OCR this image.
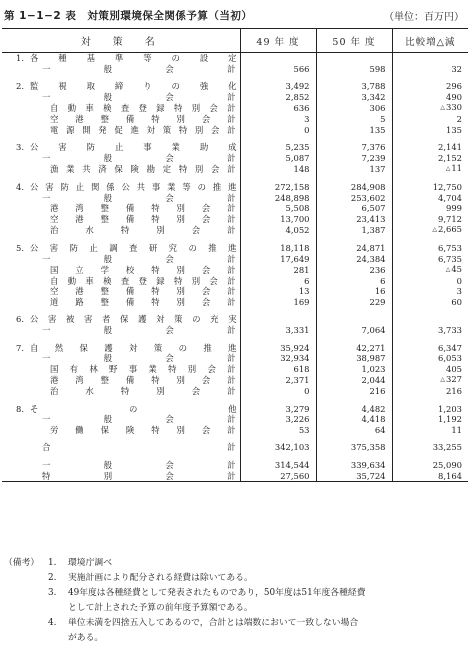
第 1−1−2 表　対策別環境保全関係予算（当初）	（単位：百万円）
対　策　名		49 年 度	50 年 度	比較増△減
1.	各種基準等の設定			
	一般会計	566	598	32

2.	監視取締りの強化	3,492	3,788	296
	一般会計	2,852	3,342	490
	自動車検査登録特別会計	636	306	△330
	空港整備特別会計	3	5	2
	電源開発促進対策特別会計	0	135	135

3.	公害防止事業助成	5,235	7,376	2,141
	一般会計	5,087	7,239	2,152
	漁業共済保険勘定特別会計	148	137	△11

4.	公害防止関係公共事業等の推進	272,158	284,908	12,750
	一般会計	248,898	253,602	4,704
	港湾整備特別会計	5,508	6,507	999
	空港整備特別会計	13,700	23,413	9,712
	治水特別会計	4,052	1,387	△2,665

5.	公害防止調査研究の推進	18,118	24,871	6,753
	一般会計	17,649	24,384	6,735
	国立学校特別会計	281	236	△45
	自動車検査登録特別会計	6	6	0
	空港整備特別会計	13	16	3
	道路整備特別会計	169	229	60

6.	公害被害者保護対策の充実			
	一般会計	3,331	7,064	3,733

7.	自然保護対策の推進	35,924	42,271	6,347
	一般会計	32,934	38,987	6,053
	国有林野事業特別会計	618	1,023	405
	港湾整備特別会計	2,371	2,044	△327
	治水特別会計	0	216	216

8.	その他	3,279	4,482	1,203
	一般会計	3,226	4,418	1,192
	労働保険特別会計	53	64	11

	合計	342,103	375,358	33,255

	一般会計	314,544	339,634	25,090
	特別会計	27,560	35,724	8,164
（備考） 1.	環境庁調べ
2.	実施計画により配分される経費は除いてある。
3.	49年度は各種経費として発表されたものであり，50年度は51年度各種経費
として計上された予算の前年度予算額である。
4.	単位未満を四捨五入してあるので，合計とは端数において一致しない場合
がある。
